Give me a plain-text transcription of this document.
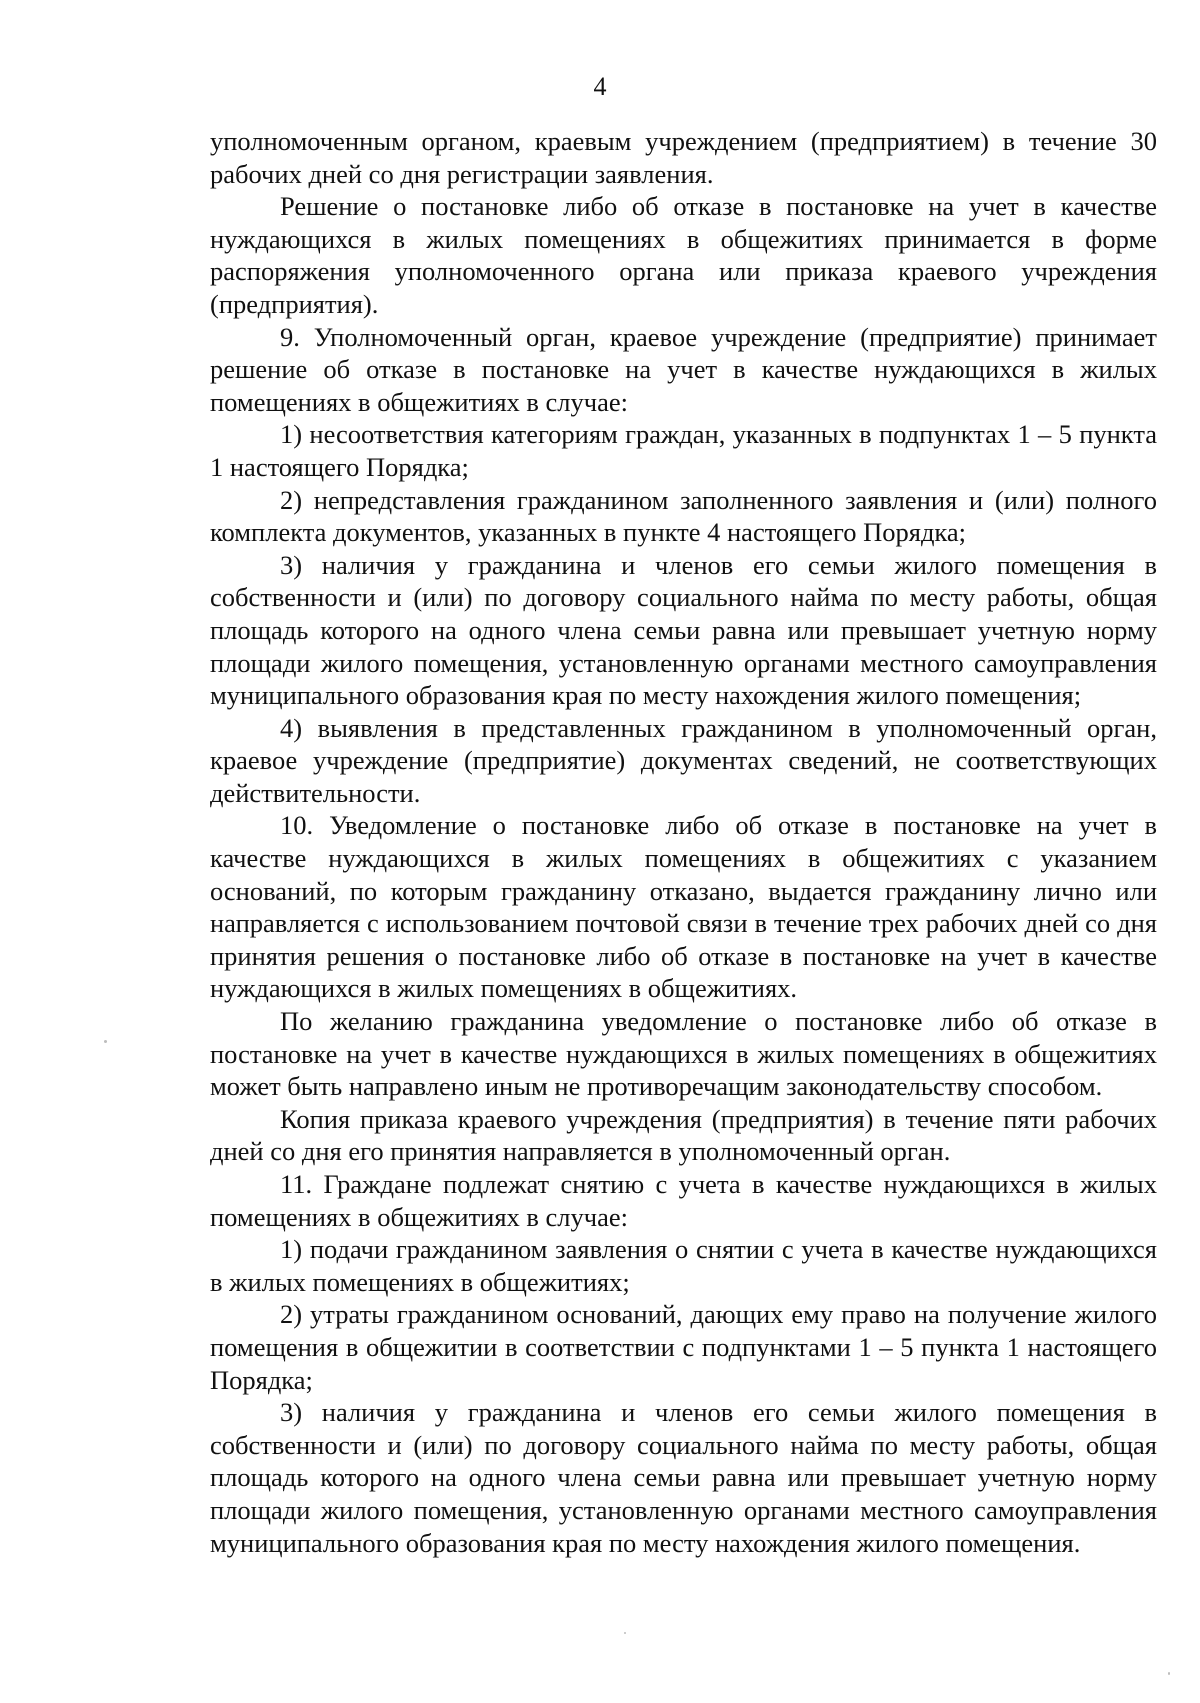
4

уполномоченным органом, краевым учреждением (предприятием) в течение 30 рабочих дней со дня регистрации заявления.

Решение о постановке либо об отказе в постановке на учет в качестве нуждающихся в жилых помещениях в общежитиях принимается в форме распоряжения уполномоченного органа или приказа краевого учреждения (предприятия).

9. Уполномоченный орган, краевое учреждение (предприятие) принимает решение об отказе в постановке на учет в качестве нуждающихся в жилых помещениях в общежитиях в случае:

1) несоответствия категориям граждан, указанных в подпунктах 1 – 5 пункта 1 настоящего Порядка;

2) непредставления гражданином заполненного заявления и (или) полного комплекта документов, указанных в пункте 4 настоящего Порядка;

3) наличия у гражданина и членов его семьи жилого помещения в собственности и (или) по договору социального найма по месту работы, общая площадь которого на одного члена семьи равна или превышает учетную норму площади жилого помещения, установленную органами местного самоуправления муниципального образования края по месту нахождения жилого помещения;

4) выявления в представленных гражданином в уполномоченный орган, краевое учреждение (предприятие) документах сведений, не соответствующих действительности.

10. Уведомление о постановке либо об отказе в постановке на учет в качестве нуждающихся в жилых помещениях в общежитиях с указанием оснований, по которым гражданину отказано, выдается гражданину лично или направляется с использованием почтовой связи в течение трех рабочих дней со дня принятия решения о постановке либо об отказе в постановке на учет в качестве нуждающихся в жилых помещениях в общежитиях.

По желанию гражданина уведомление о постановке либо об отказе в постановке на учет в качестве нуждающихся в жилых помещениях в общежитиях может быть направлено иным не противоречащим законодательству способом.

Копия приказа краевого учреждения (предприятия) в течение пяти рабочих дней со дня его принятия направляется в уполномоченный орган.

11. Граждане подлежат снятию с учета в качестве нуждающихся в жилых помещениях в общежитиях в случае:

1) подачи гражданином заявления о снятии с учета в качестве нуждающихся в жилых помещениях в общежитиях;

2) утраты гражданином оснований, дающих ему право на получение жилого помещения в общежитии в соответствии с подпунктами 1 – 5 пункта 1 настоящего Порядка;

3) наличия у гражданина и членов его семьи жилого помещения в собственности и (или) по договору социального найма по месту работы, общая площадь которого на одного члена семьи равна или превышает учетную норму площади жилого помещения, установленную органами местного самоуправления муниципального образования края по месту нахождения жилого помещения.
